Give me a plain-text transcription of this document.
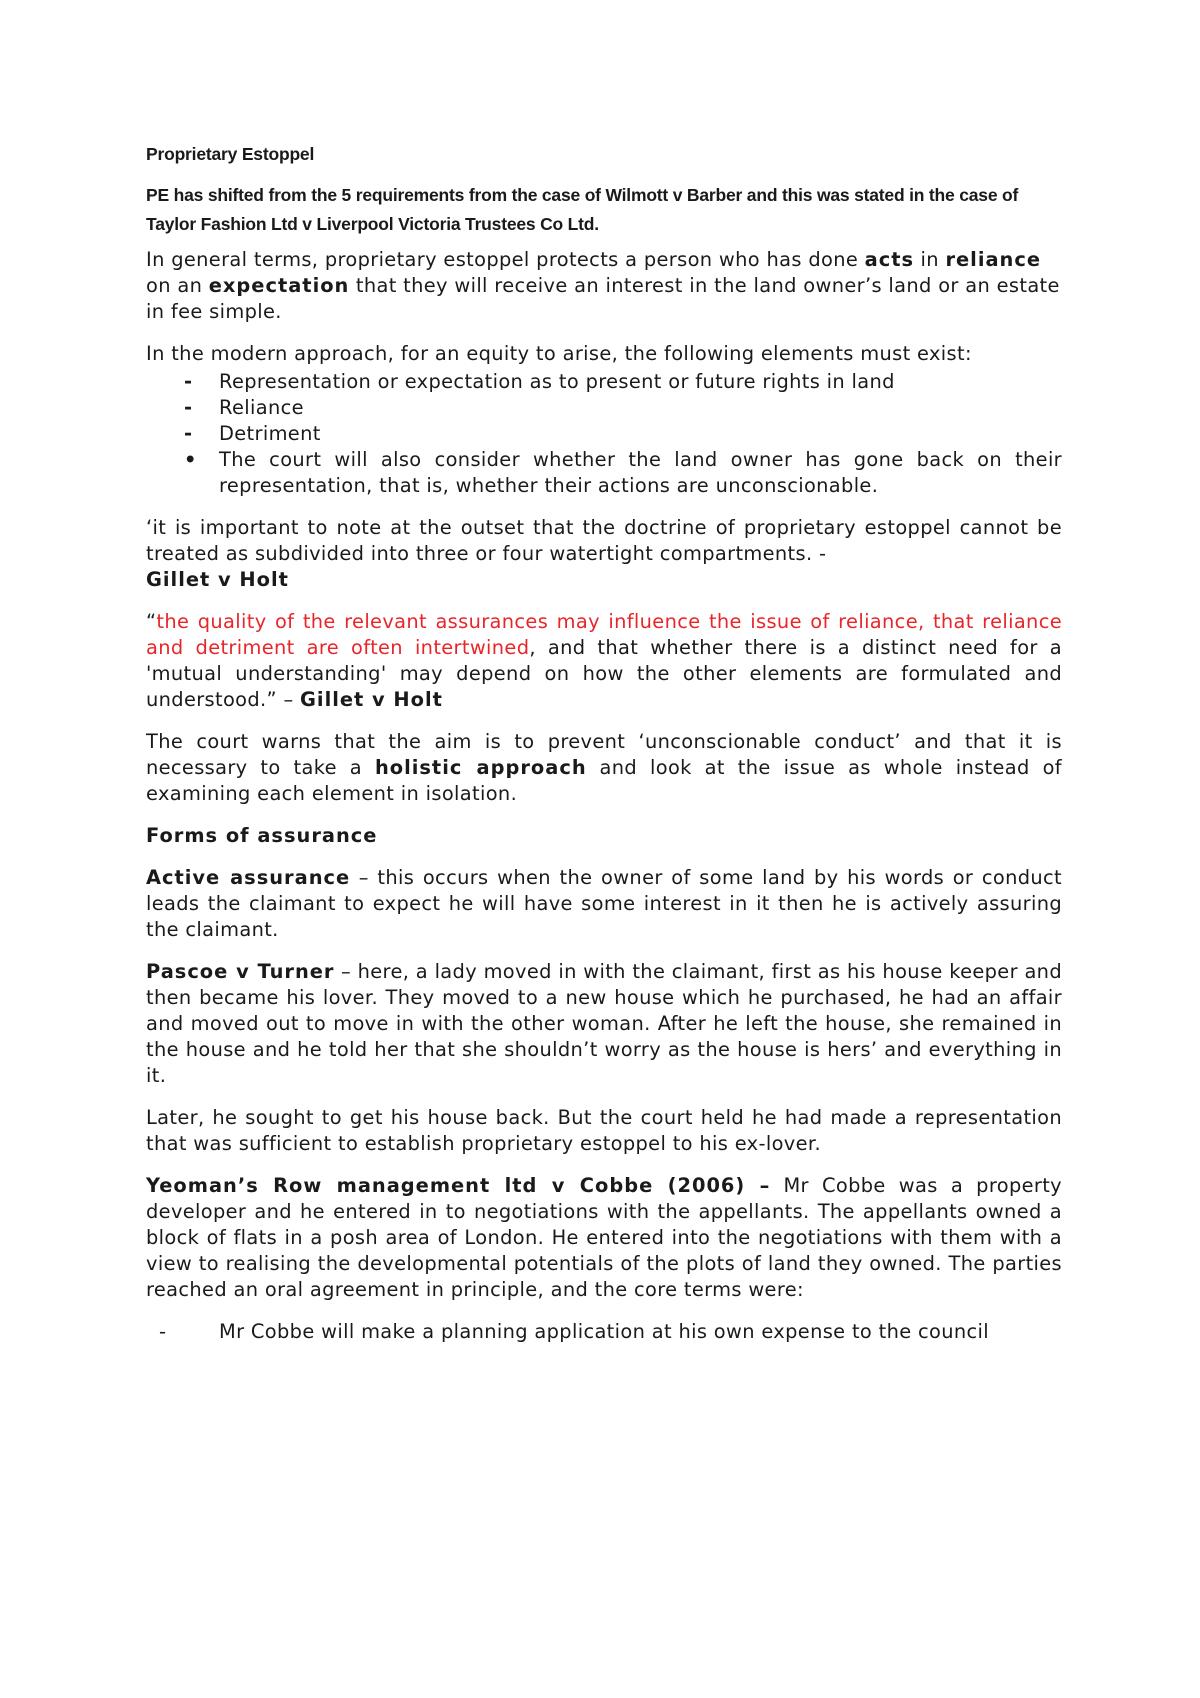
Proprietary Estoppel
PE has shifted from the 5 requirements from the case of Wilmott v Barber and this was stated in the case of Taylor Fashion Ltd v Liverpool Victoria Trustees Co Ltd.

In general terms, proprietary estoppel protects a person who has done acts in reliance on an expectation that they will receive an interest in the land owner’s land or an estate in fee simple.

In the modern approach, for an equity to arise, the following elements must exist:

- Representation or expectation as to present or future rights in land
- Reliance
- Detriment
• The court will also consider whether the land owner has gone back on their representation, that is, whether their actions are unconscionable.

‘it is important to note at the outset that the doctrine of proprietary estoppel cannot be treated as subdivided into three or four watertight compartments. -
Gillet v Holt

“the quality of the relevant assurances may influence the issue of reliance, that reliance and detriment are often intertwined, and that whether there is a distinct need for a 'mutual understanding' may depend on how the other elements are formulated and understood.” – Gillet v Holt

The court warns that the aim is to prevent ‘unconscionable conduct’ and that it is necessary to take a holistic approach and look at the issue as whole instead of examining each element in isolation.

Forms of assurance

Active assurance – this occurs when the owner of some land by his words or conduct leads the claimant to expect he will have some interest in it then he is actively assuring the claimant.

Pascoe v Turner – here, a lady moved in with the claimant, first as his house keeper and then became his lover. They moved to a new house which he purchased, he had an affair and moved out to move in with the other woman. After he left the house, she remained in the house and he told her that she shouldn’t worry as the house is hers’ and everything in it.

Later, he sought to get his house back. But the court held he had made a representation that was sufficient to establish proprietary estoppel to his ex-lover.

Yeoman’s Row management ltd v Cobbe (2006) – Mr Cobbe was a property developer and he entered in to negotiations with the appellants. The appellants owned a block of flats in a posh area of London. He entered into the negotiations with them with a view to realising the developmental potentials of the plots of land they owned. The parties reached an oral agreement in principle, and the core terms were:

-	Mr Cobbe will make a planning application at his own expense to the council
